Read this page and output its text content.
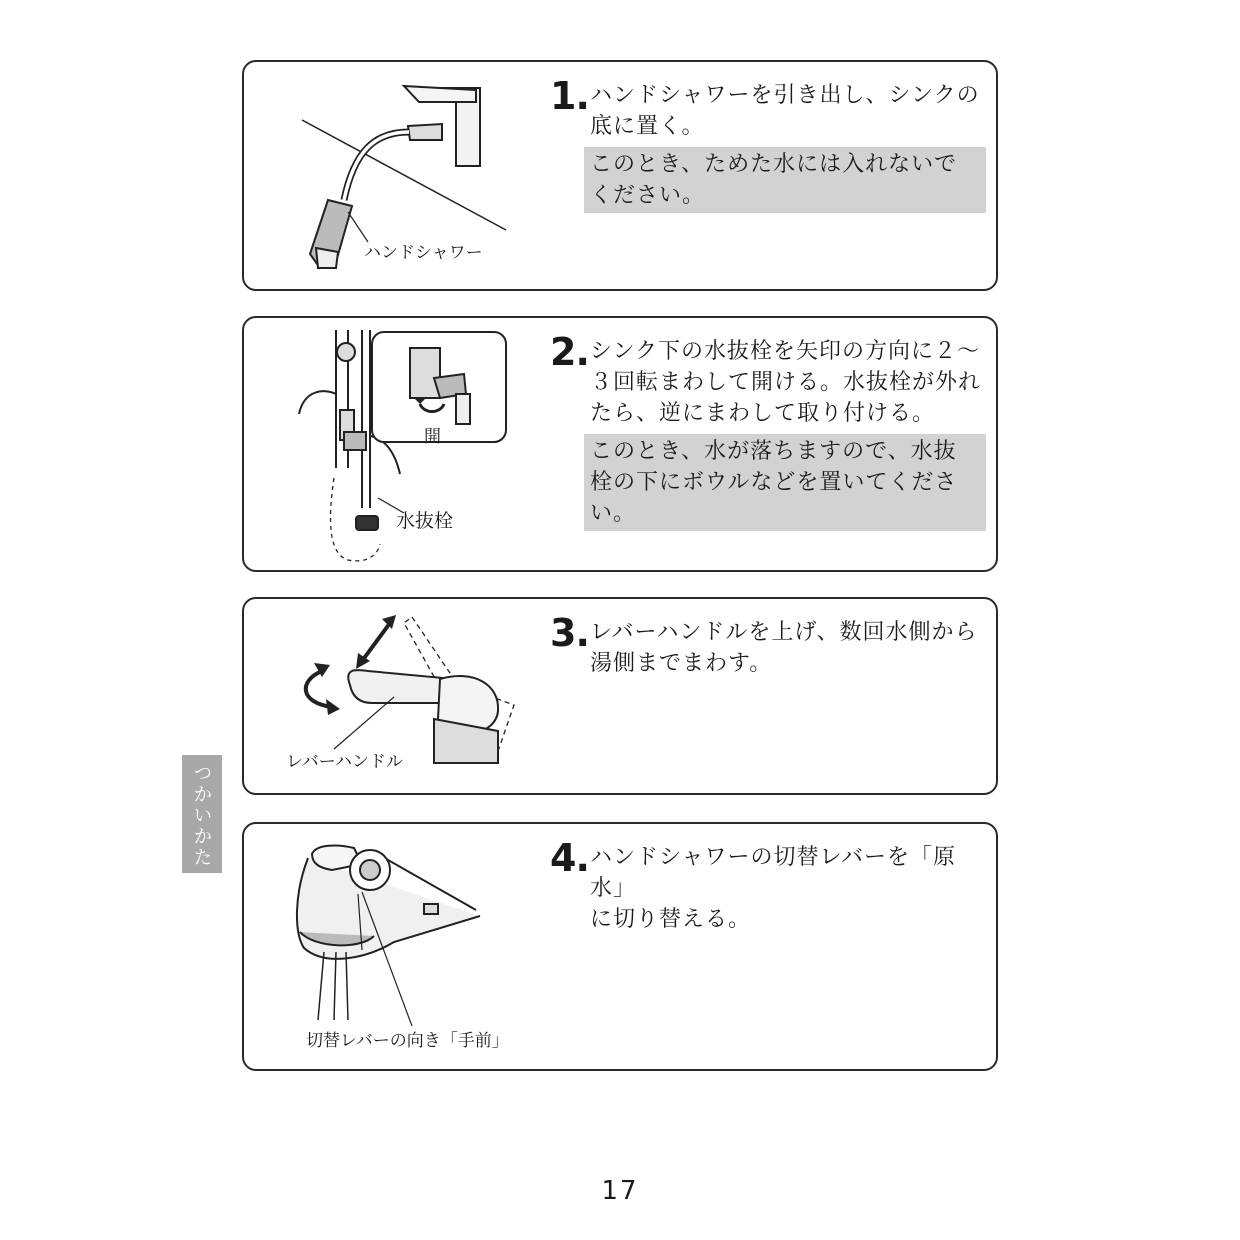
つかいかた
ハンドシャワー
1. ハンドシャワーを引き出し、シンクの
底に置く。
このとき、ためた水には入れないで
ください。
開
水抜栓
2. シンク下の水抜栓を矢印の方向に２～
３回転まわして開ける。水抜栓が外れ
たら、逆にまわして取り付ける。
このとき、水が落ちますので、水抜
栓の下にボウルなどを置いてくださ
い。
レバーハンドル
3. レバーハンドルを上げ、数回水側から
湯側までまわす。
切替レバーの向き「手前」
4. ハンドシャワーの切替レバーを「原水」
に切り替える。
17
